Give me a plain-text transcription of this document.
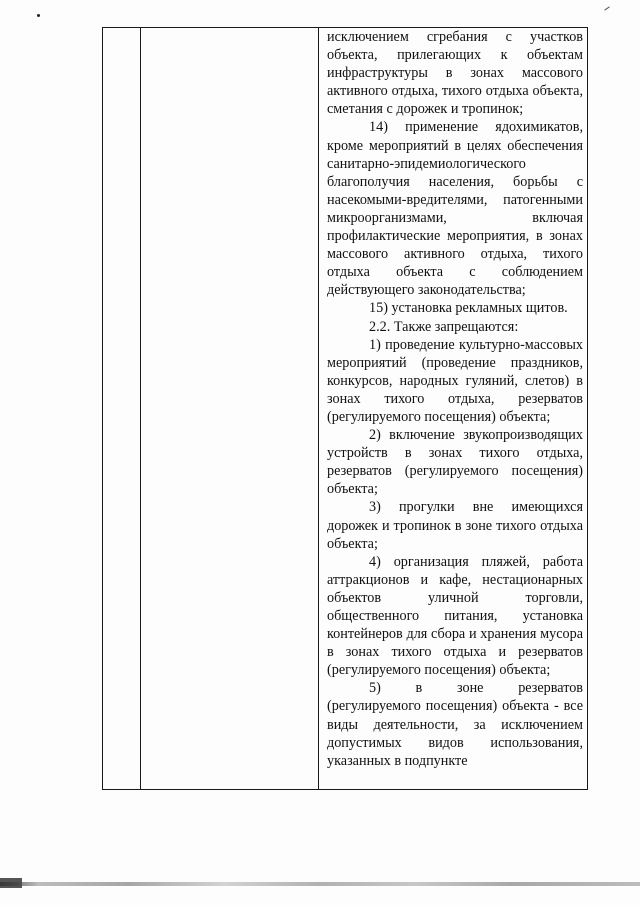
исключением сгребания с участков объекта, прилегающих к объектам инфраструктуры в зонах массового активного отдыха, тихого отдыха объекта, сметания с дорожек и тропинок;

14) применение ядохимикатов, кроме мероприятий в целях обеспечения санитарно-эпидемиологического благополучия населения, борьбы с насекомыми-вредителями, патогенными микроорганизмами, включая профилактические мероприятия, в зонах массового активного отдыха, тихого отдыха объекта с соблюдением действующего законодательства;

15) установка рекламных щитов.

2.2. Также запрещаются:

1) проведение культурно-массовых мероприятий (проведение праздников, конкурсов, народных гуляний, слетов) в зонах тихого отдыха, резерватов (регулируемого посещения) объекта;

2) включение звукопроизводящих устройств в зонах тихого отдыха, резерватов (регулируемого посещения) объекта;

3) прогулки вне имеющихся дорожек и тропинок в зоне тихого отдыха объекта;

4) организация пляжей, работа аттракционов и кафе, нестационарных объектов уличной торговли, общественного питания, установка контейнеров для сбора и хранения мусора в зонах тихого отдыха и резерватов (регулируемого посещения) объекта;

5) в зоне резерватов (регулируемого посещения) объекта - все виды деятельности, за исключением допустимых видов использования, указанных в подпункте
